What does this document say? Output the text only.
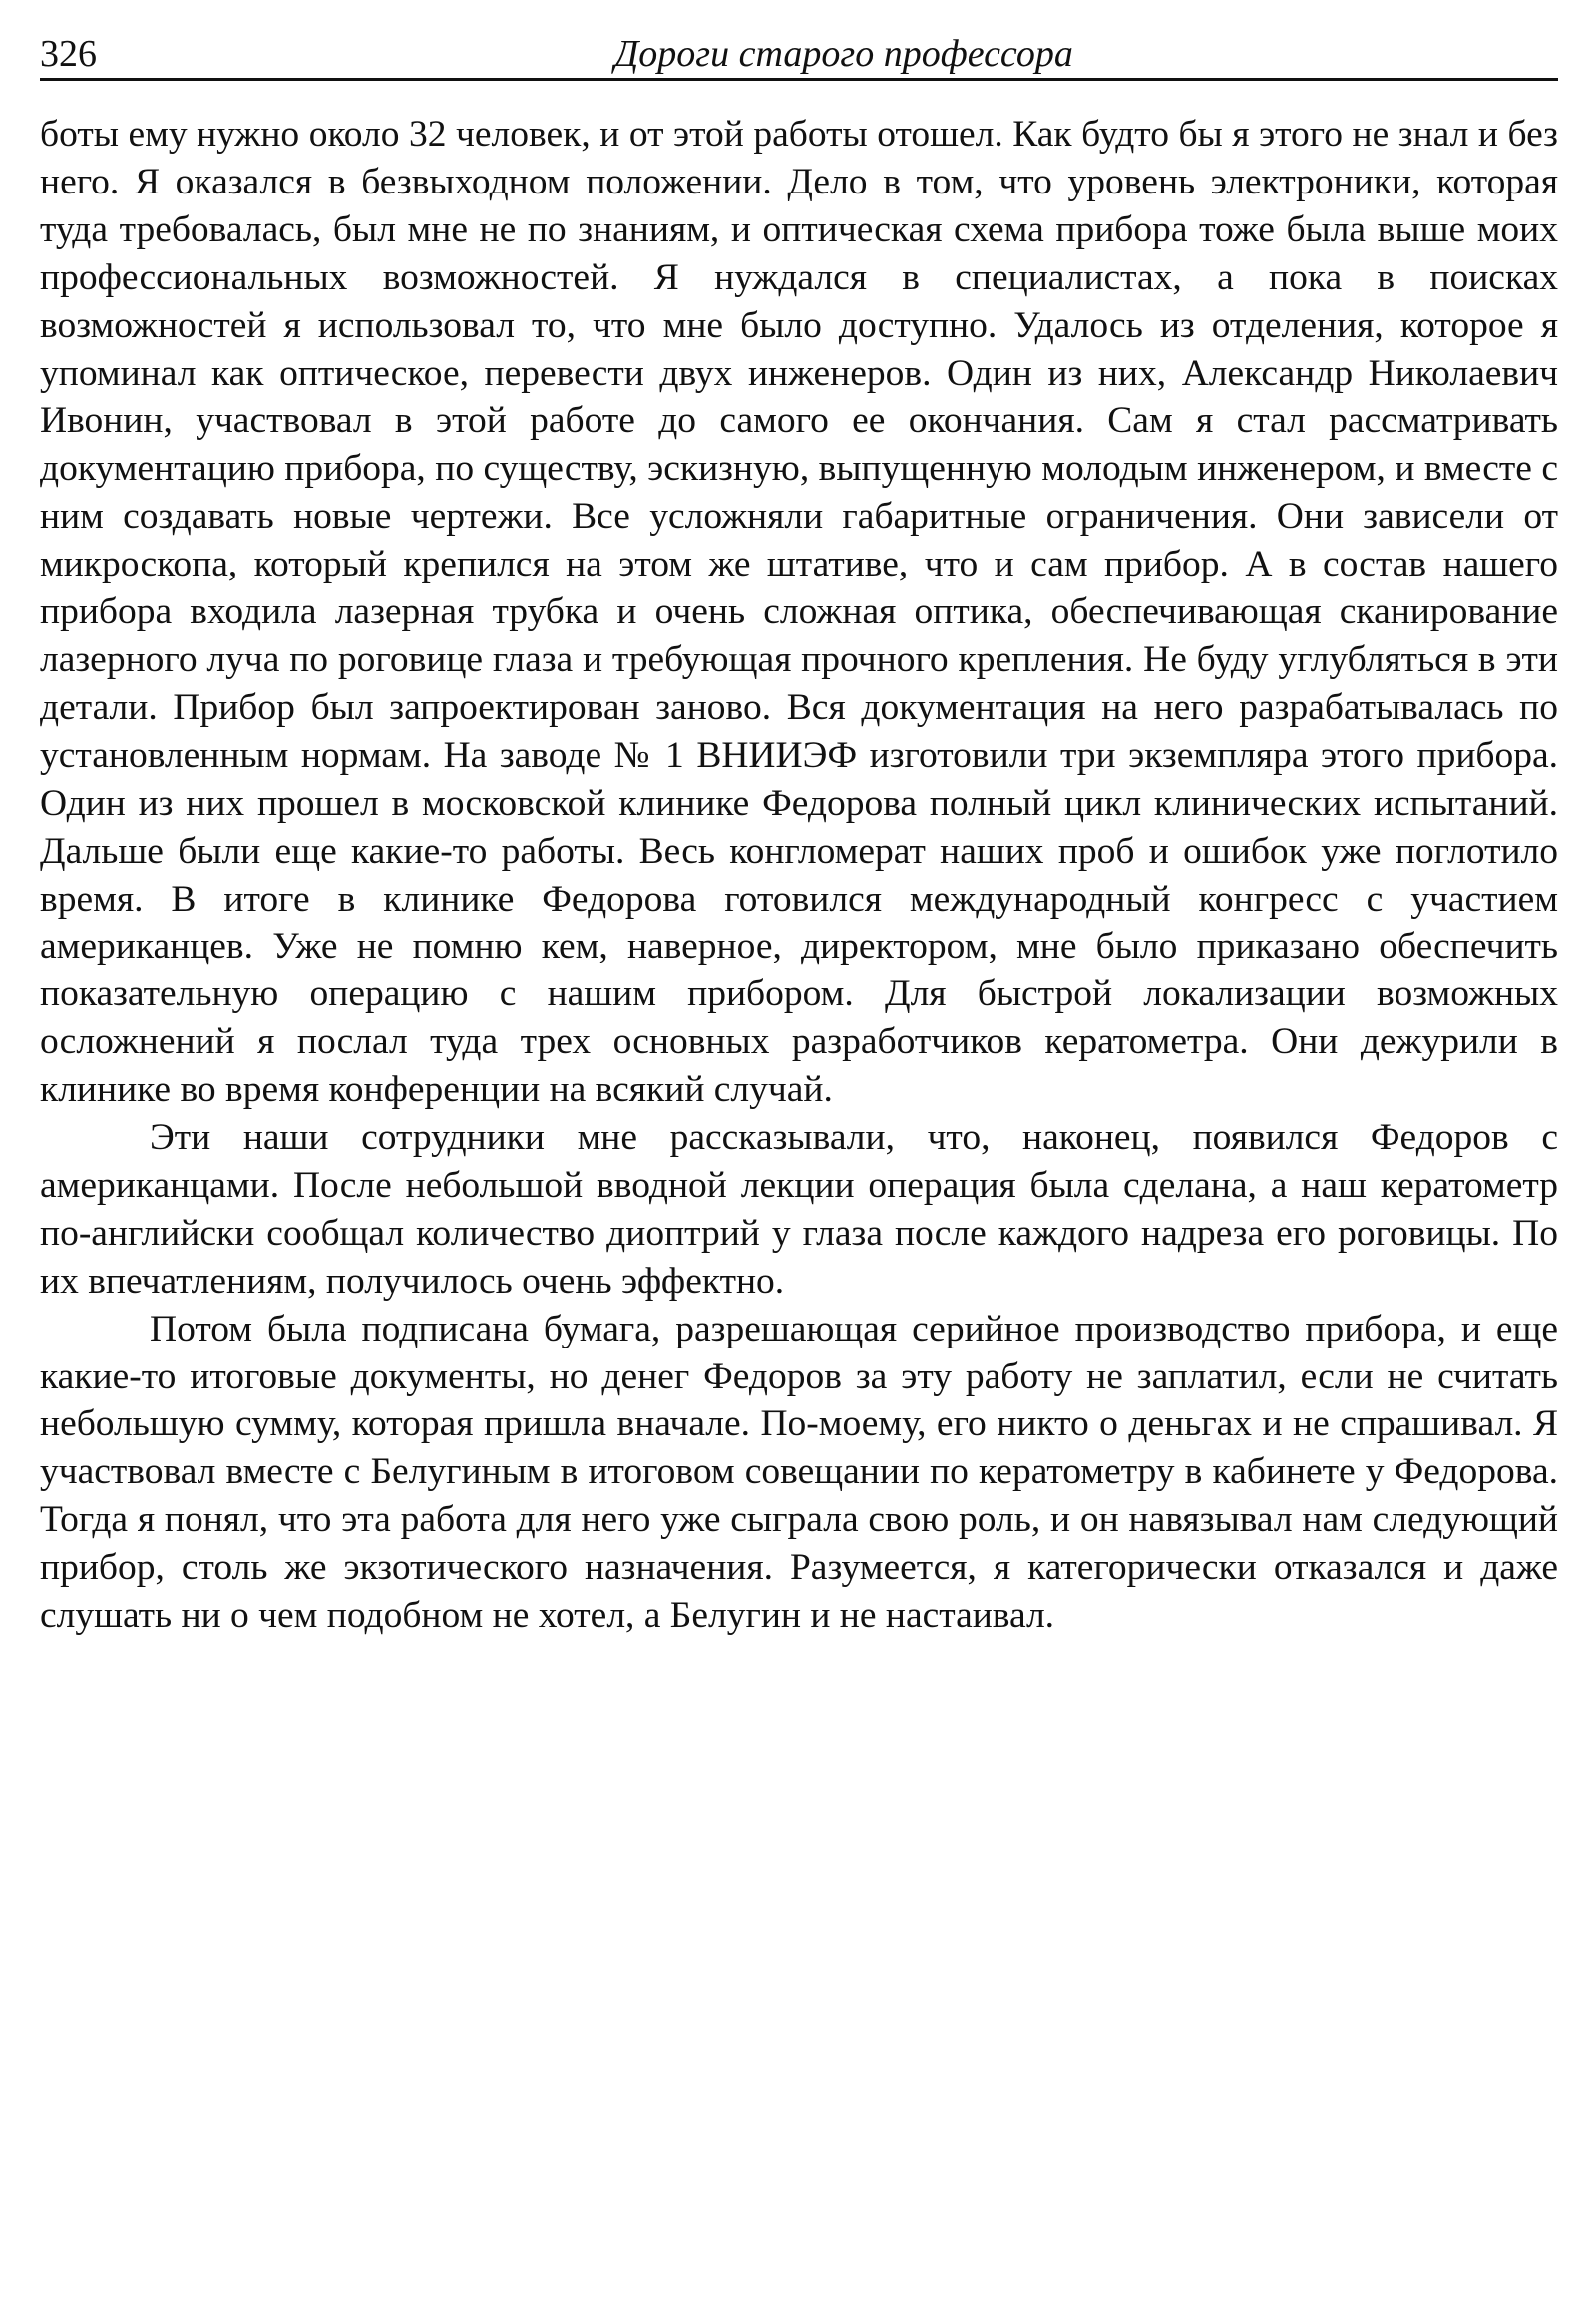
326	Дороги старого профессора

боты ему нужно около 32 человек, и от этой работы отошел. Как будто бы я этого не знал и без него. Я оказался в безвыходном положении. Дело в том, что уровень электроники, которая туда требовалась, был мне не по знаниям, и оптическая схема прибора тоже была выше моих профессиональных возможностей. Я нуждался в специалистах, а пока в поисках возможностей я использовал то, что мне было доступно. Удалось из отделения, которое я упоминал как оптическое, перевести двух инженеров. Один из них, Александр Николаевич Ивонин, участвовал в этой работе до самого ее окончания. Сам я стал рассматривать документацию прибора, по существу, эскизную, выпущенную молодым инженером, и вместе с ним создавать новые чертежи. Все усложняли габаритные ограничения. Они зависели от микроскопа, который крепился на этом же штативе, что и сам прибор. А в состав нашего прибора входила лазерная трубка и очень сложная оптика, обеспечивающая сканирование лазерного луча по роговице глаза и требующая прочного крепления. Не буду углубляться в эти детали. Прибор был запроектирован заново. Вся документация на него разрабатывалась по установленным нормам. На заводе № 1 ВНИИЭФ изготовили три экземпляра этого прибора. Один из них прошел в московской клинике Федорова полный цикл клинических испытаний. Дальше были еще какие-то работы. Весь конгломерат наших проб и ошибок уже поглотило время. В итоге в клинике Федорова готовился международный конгресс с участием американцев. Уже не помню кем, наверное, директором, мне было приказано обеспечить показательную операцию с нашим прибором. Для быстрой локализации возможных осложнений я послал туда трех основных разработчиков кератометра. Они дежурили в клинике во время конференции на всякий случай.

Эти наши сотрудники мне рассказывали, что, наконец, появился Федоров с американцами. После небольшой вводной лекции операция была сделана, а наш кератометр по-английски сообщал количество диоптрий у глаза после каждого надреза его роговицы. По их впечатлениям, получилось очень эффектно.

Потом была подписана бумага, разрешающая серийное производство прибора, и еще какие-то итоговые документы, но денег Федоров за эту работу не заплатил, если не считать небольшую сумму, которая пришла вначале. По-моему, его никто о деньгах и не спрашивал. Я участвовал вместе с Белугиным в итоговом совещании по кератометру в кабинете у Федорова. Тогда я понял, что эта работа для него уже сыграла свою роль, и он навязывал нам следующий прибор, столь же экзотического назначения. Разумеется, я категорически отказался и даже слушать ни о чем подобном не хотел, а Белугин и не настаивал.
